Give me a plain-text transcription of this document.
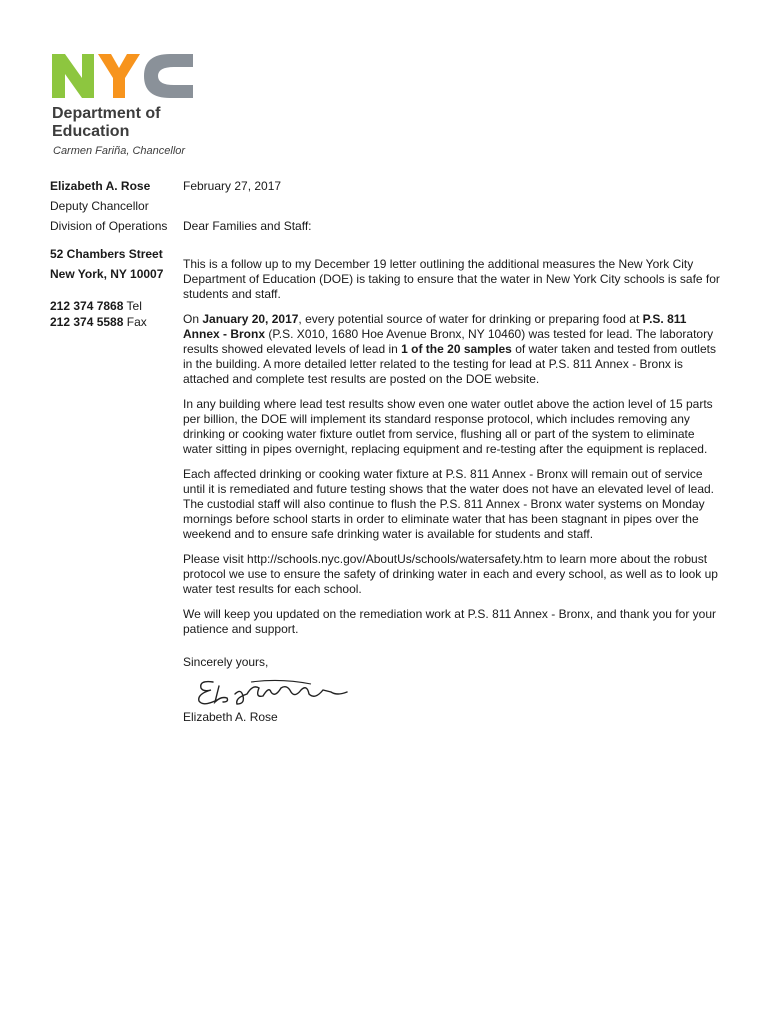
Department of
Education
Carmen Fariña, Chancellor
Elizabeth A. Rose
Deputy Chancellor
Division of Operations
52 Chambers Street
New York, NY 10007
212 374 7868 Tel
212 374 5588 Fax
February 27, 2017
Dear Families and Staff:

This is a follow up to my December 19 letter outlining the additional measures the New York City Department of Education (DOE) is taking to ensure that the water in New York City schools is safe for students and staff.

On January 20, 2017, every potential source of water for drinking or preparing food at P.S. 811 Annex - Bronx (P.S. X010, 1680 Hoe Avenue Bronx, NY 10460) was tested for lead. The laboratory results showed elevated levels of lead in 1 of the 20 samples of water taken and tested from outlets in the building. A more detailed letter related to the testing for lead at P.S. 811 Annex - Bronx is attached and complete test results are posted on the DOE website.

In any building where lead test results show even one water outlet above the action level of 15 parts per billion, the DOE will implement its standard response protocol, which includes removing any drinking or cooking water fixture outlet from service, flushing all or part of the system to eliminate water sitting in pipes overnight, replacing equipment and re-testing after the equipment is replaced.

Each affected drinking or cooking water fixture at P.S. 811 Annex - Bronx will remain out of service until it is remediated and future testing shows that the water does not have an elevated level of lead. The custodial staff will also continue to flush the P.S. 811 Annex - Bronx water systems on Monday mornings before school starts in order to eliminate water that has been stagnant in pipes over the weekend and to ensure safe drinking water is available for students and staff.

Please visit http://schools.nyc.gov/AboutUs/schools/watersafety.htm to learn more about the robust protocol we use to ensure the safety of drinking water in each and every school, as well as to look up water test results for each school.

We will keep you updated on the remediation work at P.S. 811 Annex - Bronx, and thank you for your patience and support.

Sincerely yours,
Elizabeth A. Rose
